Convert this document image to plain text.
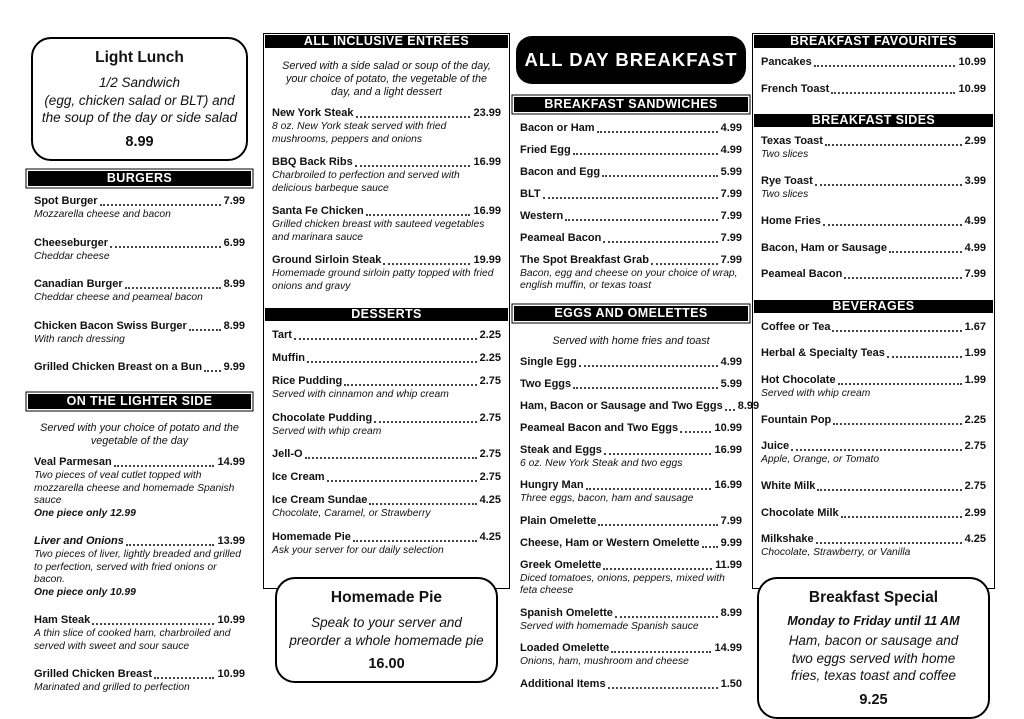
Light Lunch
1/2 Sandwich
(egg, chicken salad or BLT) and
the soup of the day or side salad
8.99
BURGERS
Spot Burger	7.99
Mozzarella cheese and bacon
Cheeseburger	6.99
Cheddar cheese
Canadian Burger	8.99
Cheddar cheese and peameal bacon
Chicken Bacon Swiss Burger	8.99
With ranch dressing
Grilled Chicken Breast on a Bun 9.99
ON THE LIGHTER SIDE
Served with your choice of potato and the vegetable of the day
Veal Parmesan	14.99
Two pieces of veal cutlet topped with mozzarella cheese and homemade Spanish sauce
One piece only 12.99
Liver and Onions	13.99
Two pieces of liver, lightly breaded and grilled to perfection, served with fried onions or bacon.
One piece only 10.99
Ham Steak	10.99
A thin slice of cooked ham, charbroiled and served with sweet and sour sauce
Grilled Chicken Breast	10.99
Marinated and grilled to perfection
ALL INCLUSIVE ENTRÉES
Served with a side salad or soup of the day, your choice of potato, the vegetable of the day, and a light dessert
New York Steak	23.99
8 oz. New York steak served with fried mushrooms, peppers and onions
BBQ Back Ribs	16.99
Charbroiled to perfection and served with delicious barbeque sauce
Santa Fe Chicken	16.99
Grilled chicken breast with sauteed vegetables and marinara sauce
Ground Sirloin Steak	19.99
Homemade ground sirloin patty topped with fried onions and gravy
DESSERTS
Tart	2.25
Muffin	2.25
Rice Pudding	2.75
Served with cinnamon and whip cream
Chocolate Pudding	2.75
Served with whip cream
Jell-O	2.75
Ice Cream	2.75
Ice Cream Sundae	4.25
Chocolate, Caramel, or Strawberry
Homemade Pie	4.25
Ask your server for our daily selection
Homemade Pie
Speak to your server and
preorder a whole homemade pie
16.00
ALL DAY BREAKFAST
BREAKFAST SANDWICHES
Bacon or Ham	4.99
Fried Egg	4.99
Bacon and Egg	5.99
BLT	7.99
Western	7.99
Peameal Bacon	7.99
The Spot Breakfast Grab	7.99
Bacon, egg and cheese on your choice of wrap, english muffin, or texas toast
EGGS AND OMELETTES
Served with home fries and toast
Single Egg	4.99
Two Eggs	5.99
Ham, Bacon or Sausage and Two Eggs 8.99
Peameal Bacon and Two Eggs	10.99
Steak and Eggs	16.99
6 oz. New York Steak and two eggs
Hungry Man	16.99
Three eggs, bacon, ham and sausage
Plain Omelette	7.99
Cheese, Ham or Western Omelette 9.99
Greek Omelette	11.99
Diced tomatoes, onions, peppers, mixed with feta cheese
Spanish Omelette	8.99
Served with homemade Spanish sauce
Loaded Omelette	14.99
Onions, ham, mushroom and cheese
Additional Items	1.50
BREAKFAST FAVOURITES
Pancakes	10.99
French Toast	10.99
BREAKFAST SIDES
Texas Toast	2.99
Two slices
Rye Toast	3.99
Two slices
Home Fries	4.99
Bacon, Ham or Sausage	4.99
Peameal Bacon	7.99
BEVERAGES
Coffee or Tea	1.67
Herbal & Specialty Teas	1.99
Hot Chocolate	1.99
Served with whip cream
Fountain Pop	2.25
Juice	2.75
Apple, Orange, or Tomato
White Milk	2.75
Chocolate Milk	2.99
Milkshake	4.25
Chocolate, Strawberry, or Vanilla
Breakfast Special
Monday to Friday until 11 AM
Ham, bacon or sausage and
two eggs served with home
fries, texas toast and coffee
9.25
